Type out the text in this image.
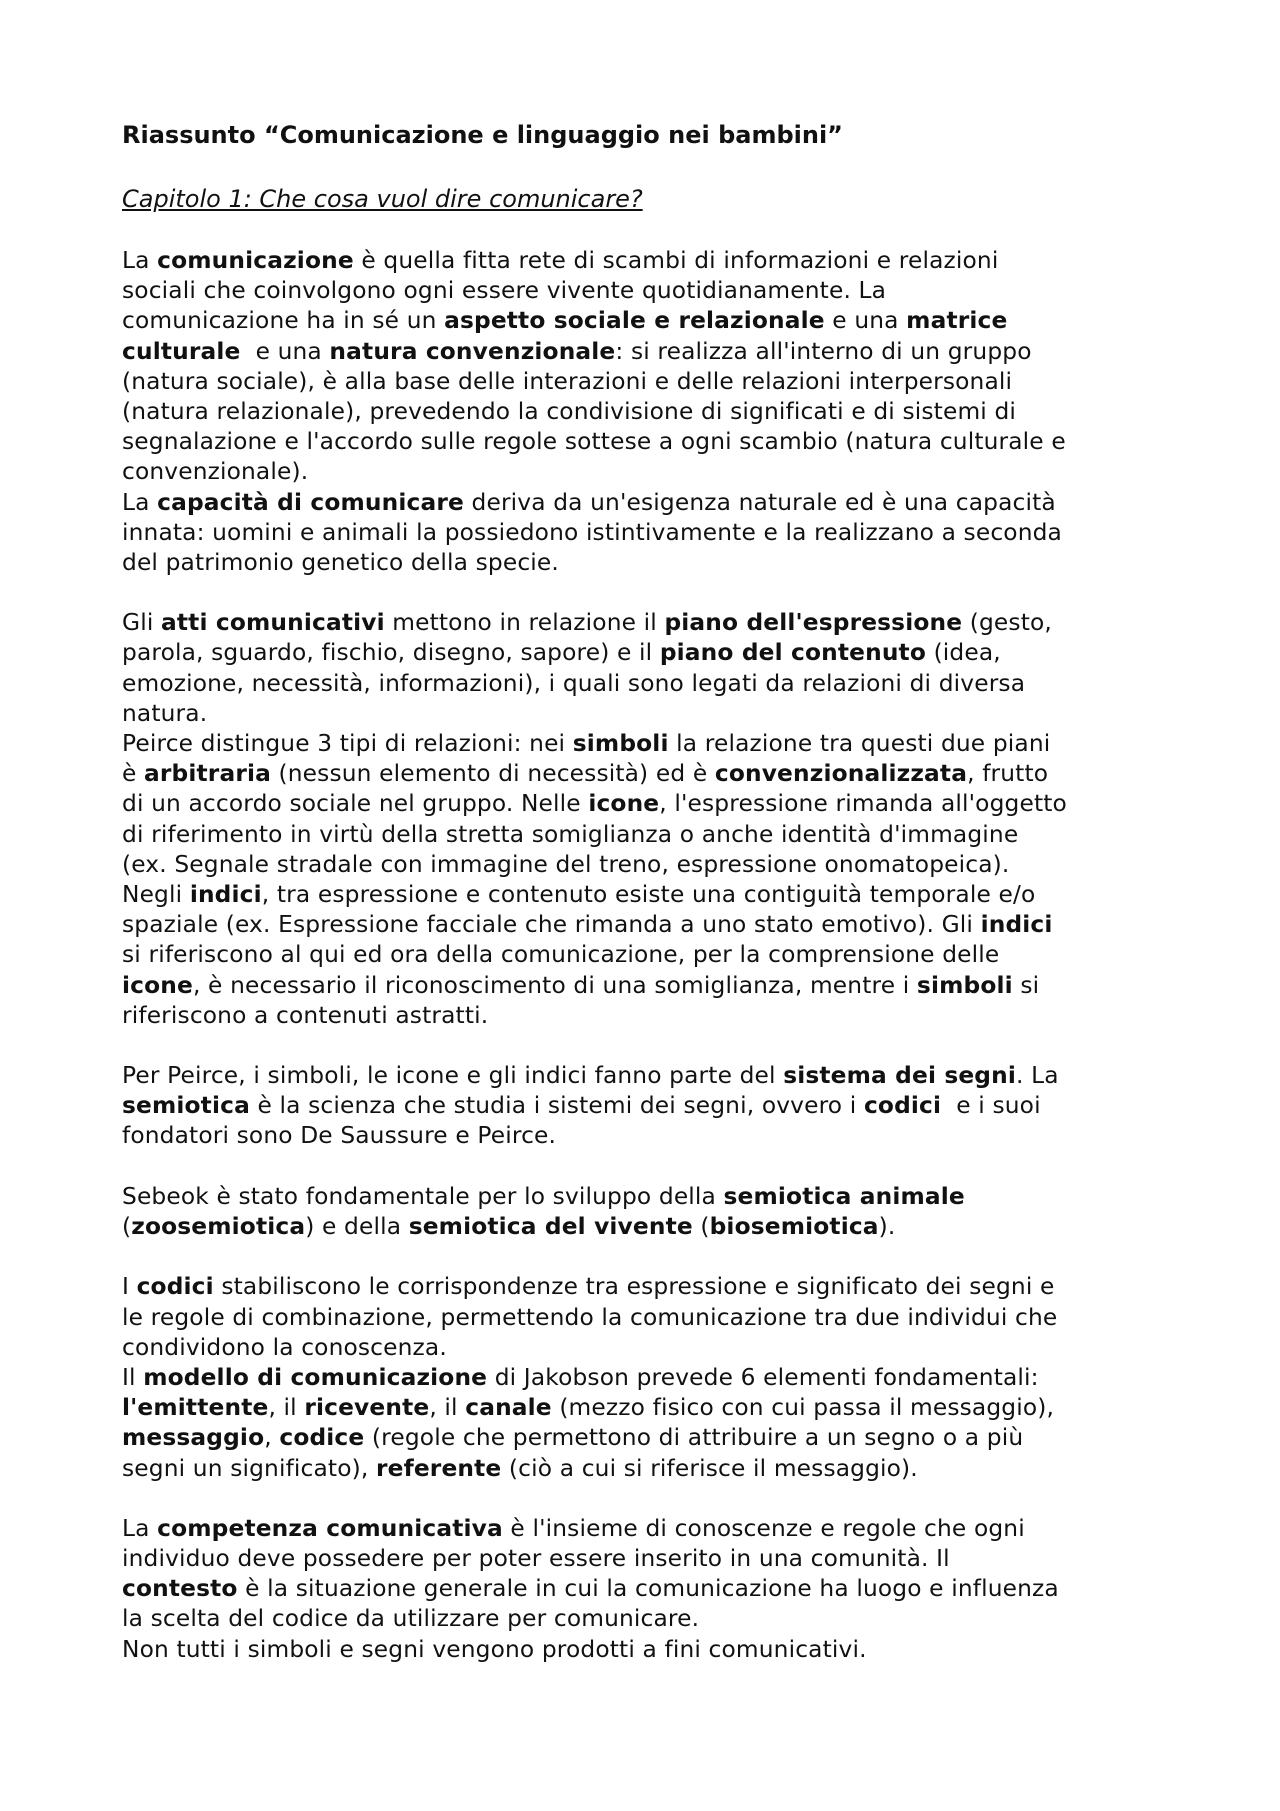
Riassunto “Comunicazione e linguaggio nei bambini”
Capitolo 1: Che cosa vuol dire comunicare?
La comunicazione è quella fitta rete di scambi di informazioni e relazioni
sociali che coinvolgono ogni essere vivente quotidianamente. La
comunicazione ha in sé un aspetto sociale e relazionale e una matrice
culturale  e una natura convenzionale: si realizza all'interno di un gruppo
(natura sociale), è alla base delle interazioni e delle relazioni interpersonali
(natura relazionale), prevedendo la condivisione di significati e di sistemi di
segnalazione e l'accordo sulle regole sottese a ogni scambio (natura culturale e
convenzionale).
La capacità di comunicare deriva da un'esigenza naturale ed è una capacità
innata: uomini e animali la possiedono istintivamente e la realizzano a seconda
del patrimonio genetico della specie.
Gli atti comunicativi mettono in relazione il piano dell'espressione (gesto,
parola, sguardo, fischio, disegno, sapore) e il piano del contenuto (idea,
emozione, necessità, informazioni), i quali sono legati da relazioni di diversa
natura.
Peirce distingue 3 tipi di relazioni: nei simboli la relazione tra questi due piani
è arbitraria (nessun elemento di necessità) ed è convenzionalizzata, frutto
di un accordo sociale nel gruppo. Nelle icone, l'espressione rimanda all'oggetto
di riferimento in virtù della stretta somiglianza o anche identità d'immagine
(ex. Segnale stradale con immagine del treno, espressione onomatopeica).
Negli indici, tra espressione e contenuto esiste una contiguità temporale e/o
spaziale (ex. Espressione facciale che rimanda a uno stato emotivo). Gli indici
si riferiscono al qui ed ora della comunicazione, per la comprensione delle
icone, è necessario il riconoscimento di una somiglianza, mentre i simboli si
riferiscono a contenuti astratti.
Per Peirce, i simboli, le icone e gli indici fanno parte del sistema dei segni. La
semiotica è la scienza che studia i sistemi dei segni, ovvero i codici  e i suoi
fondatori sono De Saussure e Peirce.
Sebeok è stato fondamentale per lo sviluppo della semiotica animale
(zoosemiotica) e della semiotica del vivente (biosemiotica).
I codici stabiliscono le corrispondenze tra espressione e significato dei segni e
le regole di combinazione, permettendo la comunicazione tra due individui che
condividono la conoscenza.
Il modello di comunicazione di Jakobson prevede 6 elementi fondamentali:
l'emittente, il ricevente, il canale (mezzo fisico con cui passa il messaggio),
messaggio, codice (regole che permettono di attribuire a un segno o a più
segni un significato), referente (ciò a cui si riferisce il messaggio).
La competenza comunicativa è l'insieme di conoscenze e regole che ogni
individuo deve possedere per poter essere inserito in una comunità. Il
contesto è la situazione generale in cui la comunicazione ha luogo e influenza
la scelta del codice da utilizzare per comunicare.
Non tutti i simboli e segni vengono prodotti a fini comunicativi.
